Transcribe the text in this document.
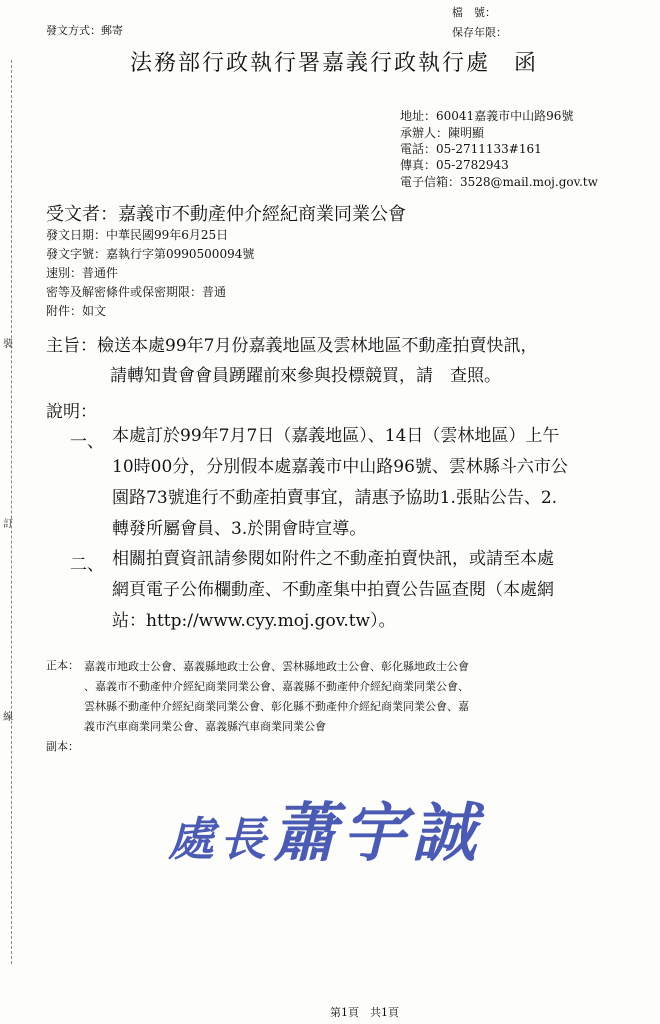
裝
訂
線
發文方式：郵寄
檔　號：
保存年限：
法務部行政執行署嘉義行政執行處　函
地址：60041嘉義市中山路96號
承辦人：陳明顯
電話：05-2711133#161
傳真：05-2782943
電子信箱：3528@mail.moj.gov.tw
受文者：嘉義市不動產仲介經紀商業同業公會
發文日期：中華民國99年6月25日
發文字號：嘉執行字第0990500094號
速別：普通件
密等及解密條件或保密期限：普通
附件：如文
主旨： 檢送本處99年7月份嘉義地區及雲林地區不動產拍賣快訊，
請轉知貴會會員踴躍前來參與投標競買，請　查照。
說明：
一、 本處訂於99年7月7日（嘉義地區）、14日（雲林地區）上午
10時00分，分別假本處嘉義市中山路96號、雲林縣斗六市公
園路73號進行不動產拍賣事宜，請惠予協助1.張貼公告、2.
轉發所屬會員、3.於開會時宣導。
二、 相關拍賣資訊請參閱如附件之不動產拍賣快訊，或請至本處
網頁電子公佈欄動產、不動產集中拍賣公告區查閱（本處網
站：http://www.cyy.moj.gov.tw）。
正本： 嘉義市地政士公會、嘉義縣地政士公會、雲林縣地政士公會、彰化縣地政士公會
、嘉義市不動產仲介經紀商業同業公會、嘉義縣不動產仲介經紀商業同業公會、
雲林縣不動產仲介經紀商業同業公會、彰化縣不動產仲介經紀商業同業公會、嘉
義市汽車商業同業公會、嘉義縣汽車商業同業公會
副本：
處長蕭宇誠
第1頁　共1頁
